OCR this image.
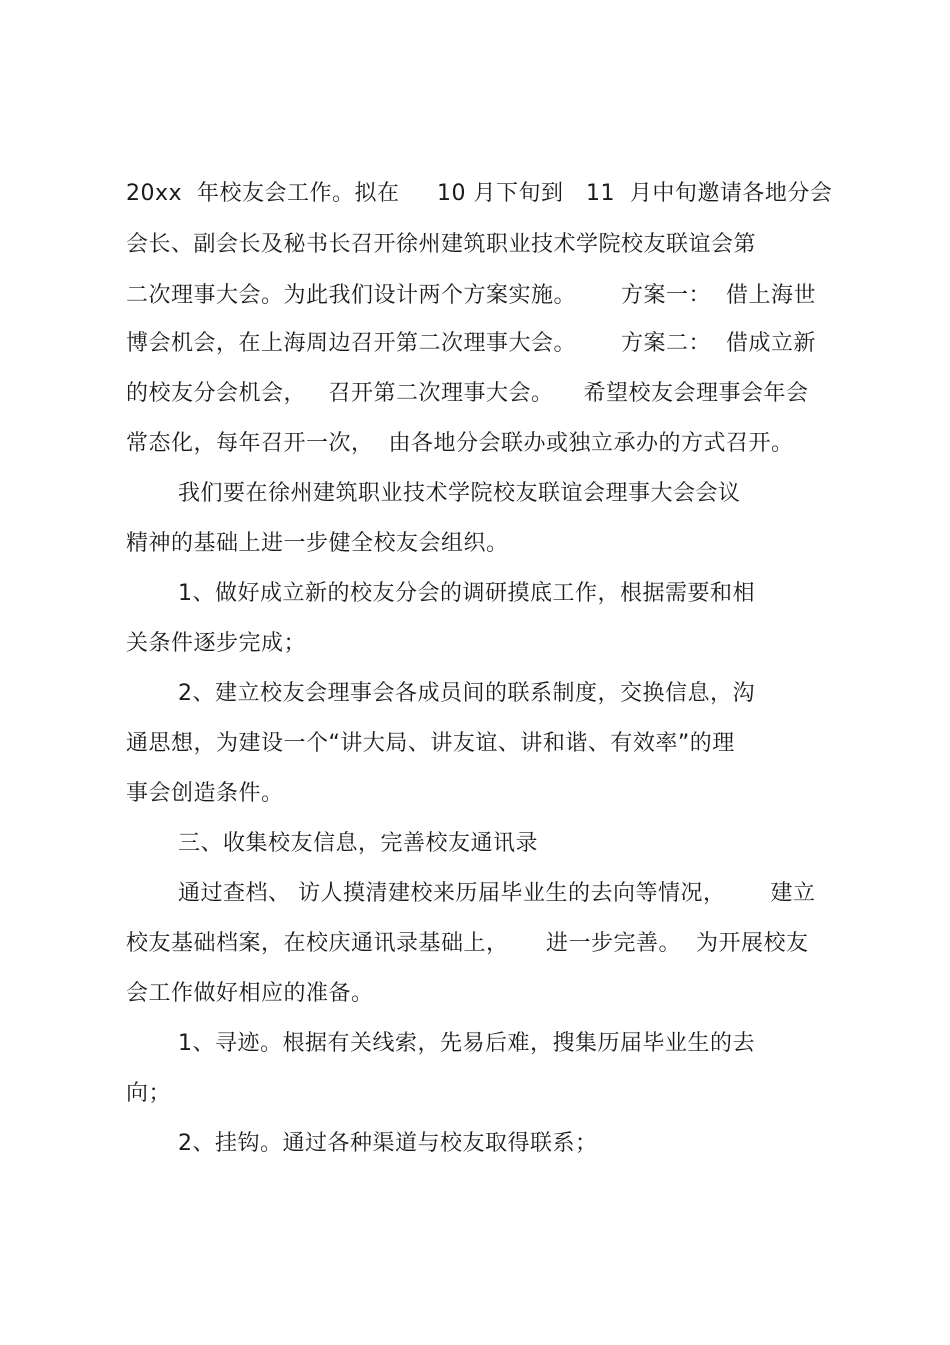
20xx  年校友会工作。拟在     10 月下旬到   11  月中旬邀请各地分会
会长、副会长及秘书长召开徐州建筑职业技术学院校友联谊会第
二次理事大会。为此我们设计两个方案实施。      方案一：  借上海世
博会机会，在上海周边召开第二次理事大会。      方案二：  借成立新
的校友分会机会，   召开第二次理事大会。    希望校友会理事会年会
常态化，每年召开一次，  由各地分会联办或独立承办的方式召开。
我们要在徐州建筑职业技术学院校友联谊会理事大会会议
精神的基础上进一步健全校友会组织。
1、做好成立新的校友分会的调研摸底工作，根据需要和相
关条件逐步完成；
2、建立校友会理事会各成员间的联系制度，交换信息，沟
通思想，为建设一个“讲大局、讲友谊、讲和谐、有效率”的理
事会创造条件。
三、收集校友信息，完善校友通讯录
通过查档、 访人摸清建校来历届毕业生的去向等情况，      建立
校友基础档案，在校庆通讯录基础上，     进一步完善。  为开展校友
会工作做好相应的准备。
1、寻迹。根据有关线索，先易后难，搜集历届毕业生的去
向；
2、挂钩。通过各种渠道与校友取得联系；
